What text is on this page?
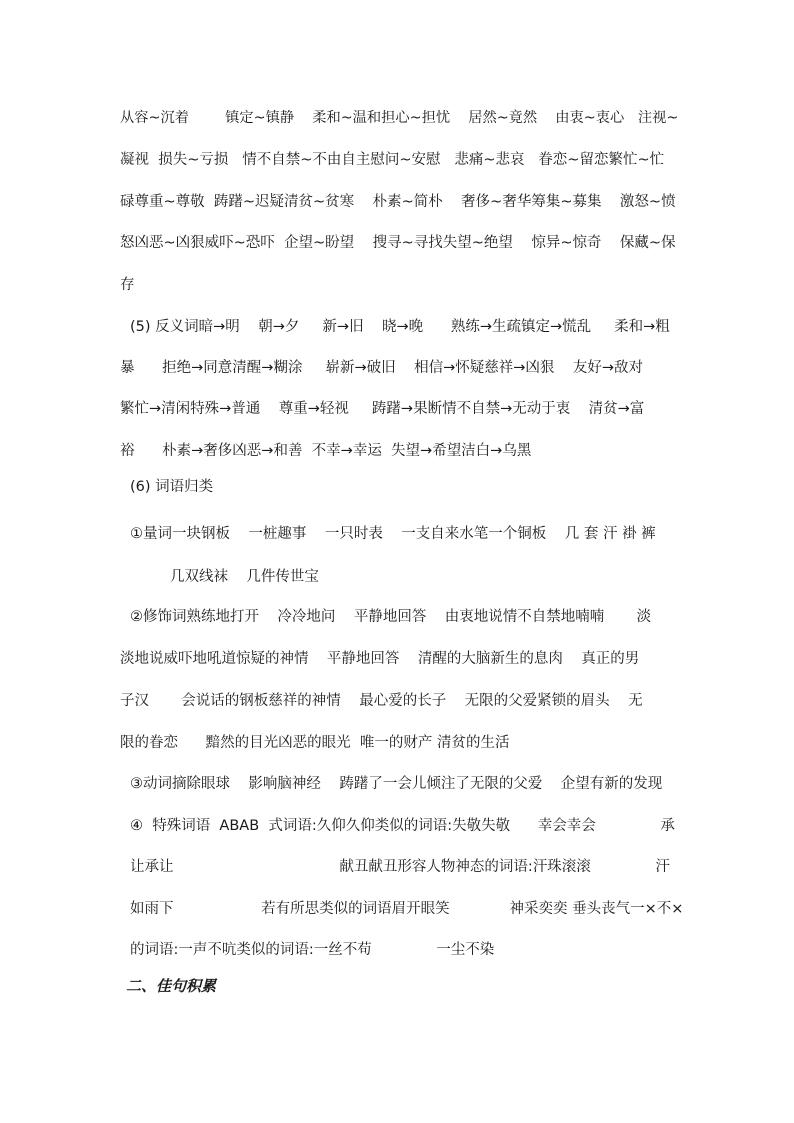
从容~沉着        镇定~镇静    柔和~温和担心~担忧    居然~竟然    由衷~衷心   注视~
凝视  损失~亏损   情不自禁~不由自主慰问~安慰   悲痛~悲哀   眷恋~留恋繁忙~忙
碌尊重~尊敬  踌躇~迟疑清贫~贫寒    朴素~简朴    奢侈~奢华筹集~募集    激怒~愤
怒凶恶~凶狠威吓~恐吓  企望~盼望    搜寻~寻找失望~绝望    惊异~惊奇    保藏~保
存
(5) 反义词暗→明    朝→夕     新→旧    晓→晚      熟练→生疏镇定→慌乱     柔和→粗
暴      拒绝→同意清醒→糊涂     崭新→破旧    相信→怀疑慈祥→凶狠    友好→敌对
繁忙→清闲特殊→普通    尊重→轻视     踌躇→果断情不自禁→无动于衷    清贫→富
裕      朴素→奢侈凶恶→和善  不幸→幸运  失望→希望洁白→乌黑
(6) 词语归类
①量词一块钢板    一桩趣事    一只时表    一支自来水笔一个铜板    几 套 汗 褂 裤
几双线袜    几件传世宝
②修饰词熟练地打开    冷冷地问    平静地回答    由衷地说情不自禁地喃喃       淡
淡地说威吓地吼道惊疑的神情    平静地回答    清醒的大脑新生的息肉    真正的男
子汉       会说话的钢板慈祥的神情    最心爱的长子    无限的父爱紧锁的眉头    无
限的眷恋      黯然的目光凶恶的眼光  唯一的财产 清贫的生活
③动词摘除眼球    影响脑神经    踌躇了一会儿倾注了无限的父爱    企望有新的发现
④  特殊词语  ABAB  式词语:久仰久仰类似的词语:失敬失敬      幸会幸会              承
让承让                                    献丑献丑形容人物神态的词语:汗珠滚滚              汗
如雨下                   若有所思类似的词语眉开眼笑             神采奕奕 垂头丧气一×不×
的词语:一声不吭类似的词语:一丝不苟              一尘不染
二、佳句积累
